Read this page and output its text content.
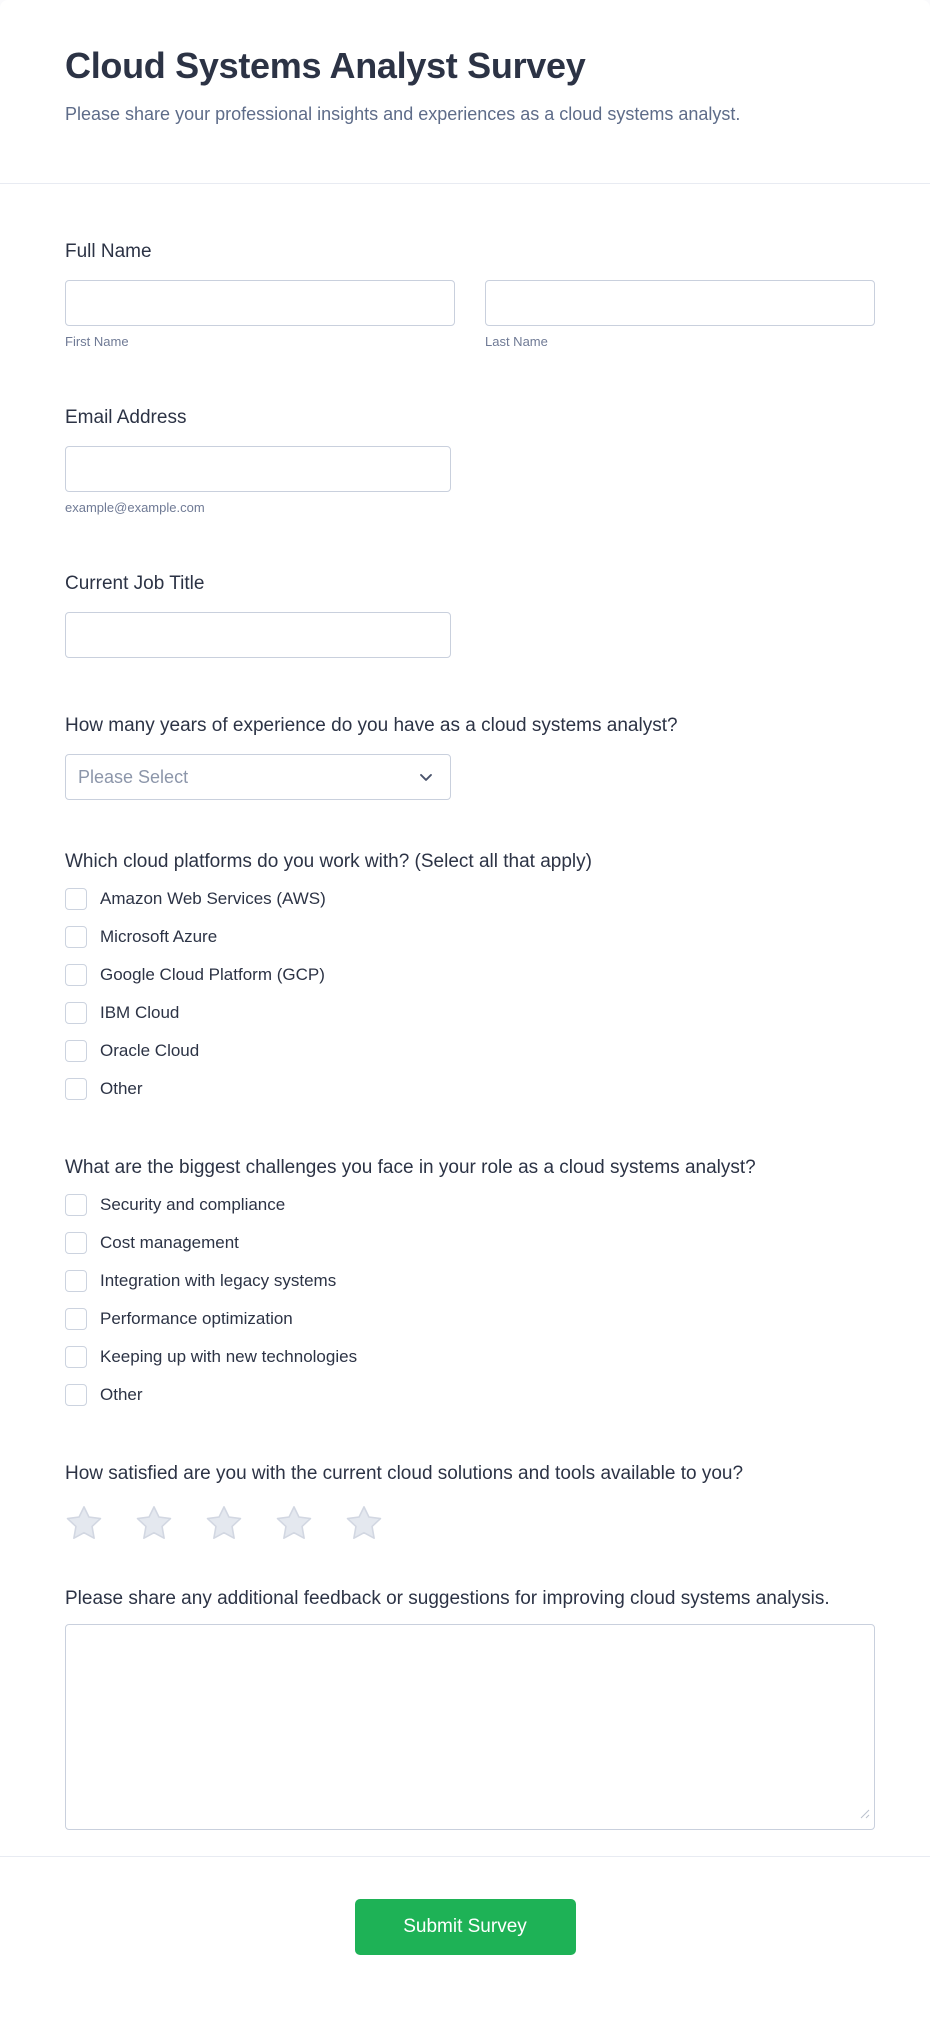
Cloud Systems Analyst Survey

Please share your professional insights and experiences as a cloud systems analyst.

Full Name
First Name	Last Name
Email Address
example@example.com
Current Job Title
How many years of experience do you have as a cloud systems analyst?
Please Select
Which cloud platforms do you work with? (Select all that apply)
Amazon Web Services (AWS)
Microsoft Azure
Google Cloud Platform (GCP)
IBM Cloud
Oracle Cloud
Other
What are the biggest challenges you face in your role as a cloud systems analyst?
Security and compliance
Cost management
Integration with legacy systems
Performance optimization
Keeping up with new technologies
Other
How satisfied are you with the current cloud solutions and tools available to you?
Please share any additional feedback or suggestions for improving cloud systems analysis.
Submit Survey
